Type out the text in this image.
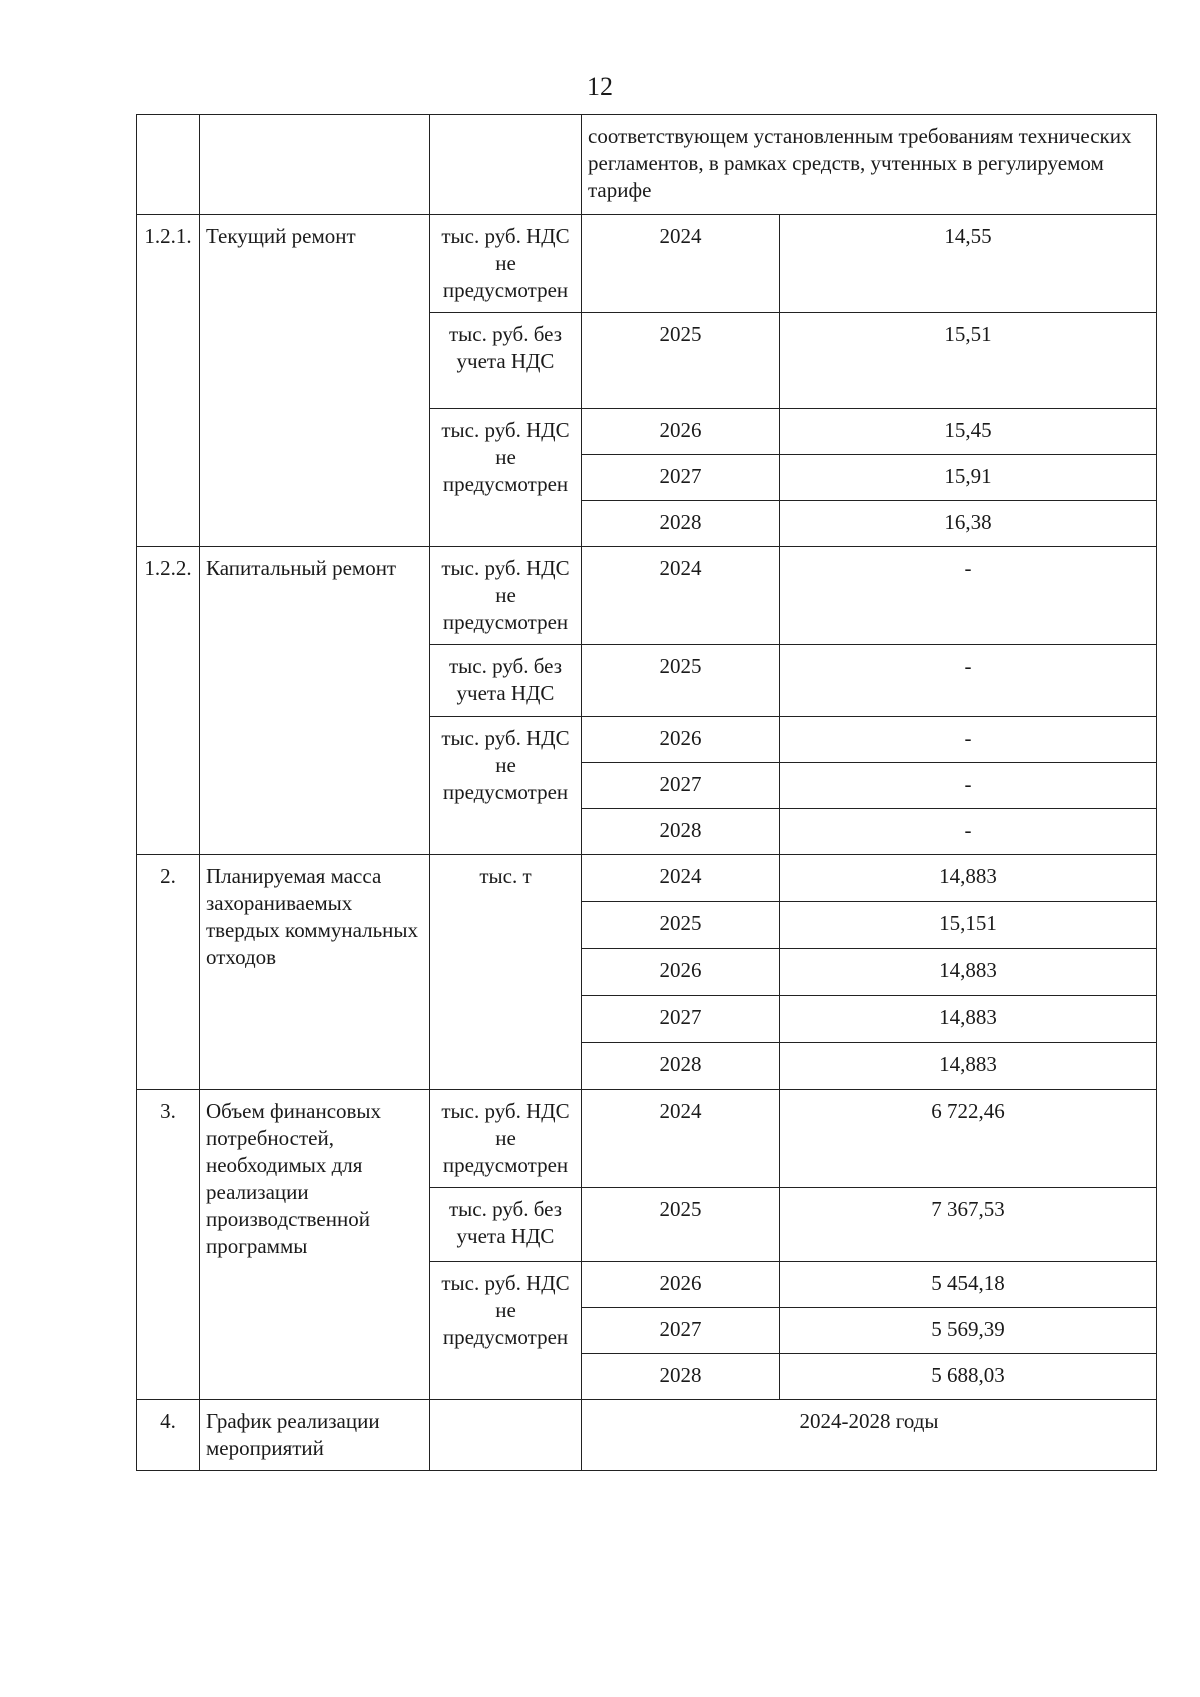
12
			соответствующем установленным требованиям технических регламентов, в рамках средств, учтенных в регулируемом тарифе	
1.2.1.	Текущий ремонт	тыс. руб. НДС не предусмотрен	2024	14,55
		тыс. руб. без учета НДС	2025	15,51
		тыс. руб. НДС не предусмотрен	2026	15,45
			2027	15,91
			2028	16,38
1.2.2.	Капитальный ремонт	тыс. руб. НДС не предусмотрен	2024	-
		тыс. руб. без учета НДС	2025	-
		тыс. руб. НДС не предусмотрен	2026	-
			2027	-
			2028	-
2.	Планируемая масса захораниваемых твердых коммунальных отходов	тыс. т	2024	14,883
			2025	15,151
			2026	14,883
			2027	14,883
			2028	14,883
3.	Объем финансовых потребностей, необходимых для реализации производственной программы	тыс. руб. НДС не предусмотрен	2024	6 722,46
		тыс. руб. без учета НДС	2025	7 367,53
		тыс. руб. НДС не предусмотрен	2026	5 454,18
			2027	5 569,39
			2028	5 688,03
4.	График реализации мероприятий		2024-2028 годы	
